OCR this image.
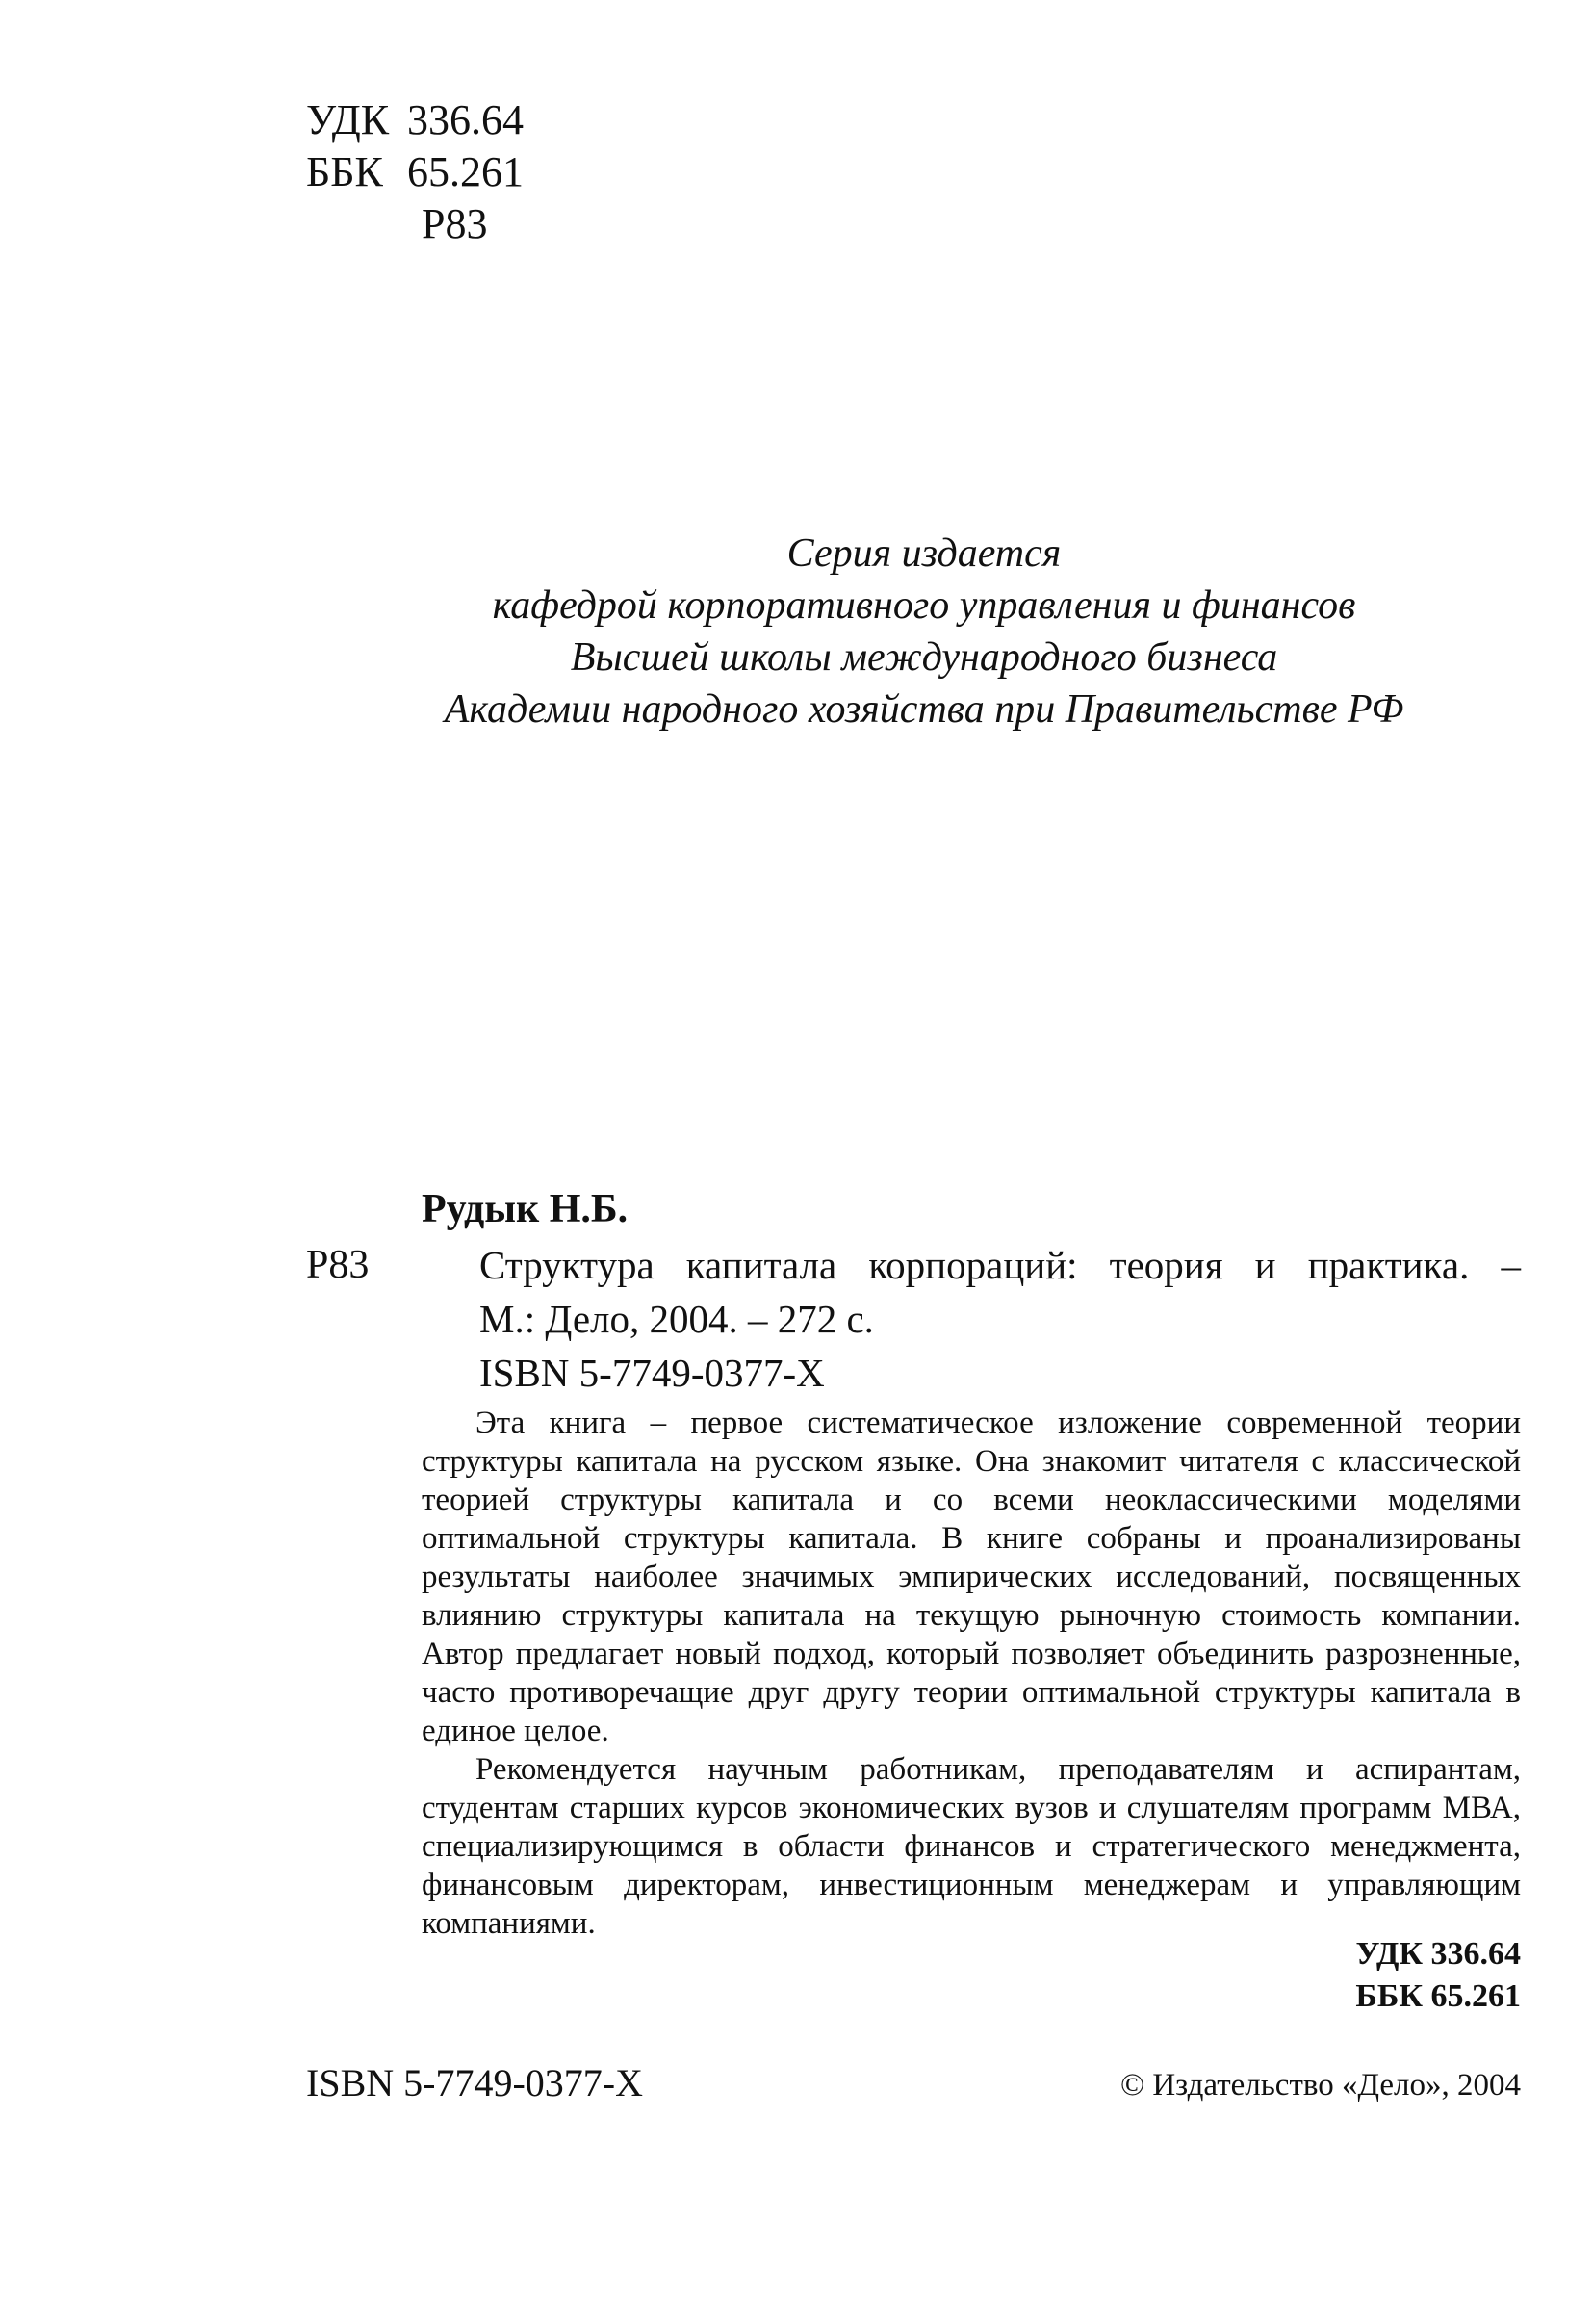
УДК 336.64
ББК 65.261
Р83
Серия издается
кафедрой корпоративного управления и финансов
Высшей школы международного бизнеса
Академии народного хозяйства при Правительстве РФ
Рудык Н.Б.
Р83	Структура капитала корпораций: теория и практика. –
М.: Дело, 2004. – 272 с.
ISBN 5-7749-0377-Х

Эта книга – первое систематическое изложение современной теории структуры капитала на русском языке. Она знакомит читателя с классической теорией структуры капитала и со всеми неоклассическими моделями оптимальной структуры капитала. В книге собраны и проанализированы результаты наиболее значимых эмпирических исследований, посвященных влиянию структуры капитала на текущую рыночную стоимость компании. Автор предлагает новый подход, который позволяет объединить разрозненные, часто противоречащие друг другу теории оптимальной структуры капитала в единое целое.

Рекомендуется научным работникам, преподавателям и аспирантам, студентам старших курсов экономических вузов и слушателям программ МВА, специализирующимся в области финансов и стратегического менеджмента, финансовым директорам, инвестиционным менеджерам и управляющим компаниями.

УДК 336.64
ББК 65.261
ISBN 5-7749-0377-Х	© Издательство «Дело», 2004
